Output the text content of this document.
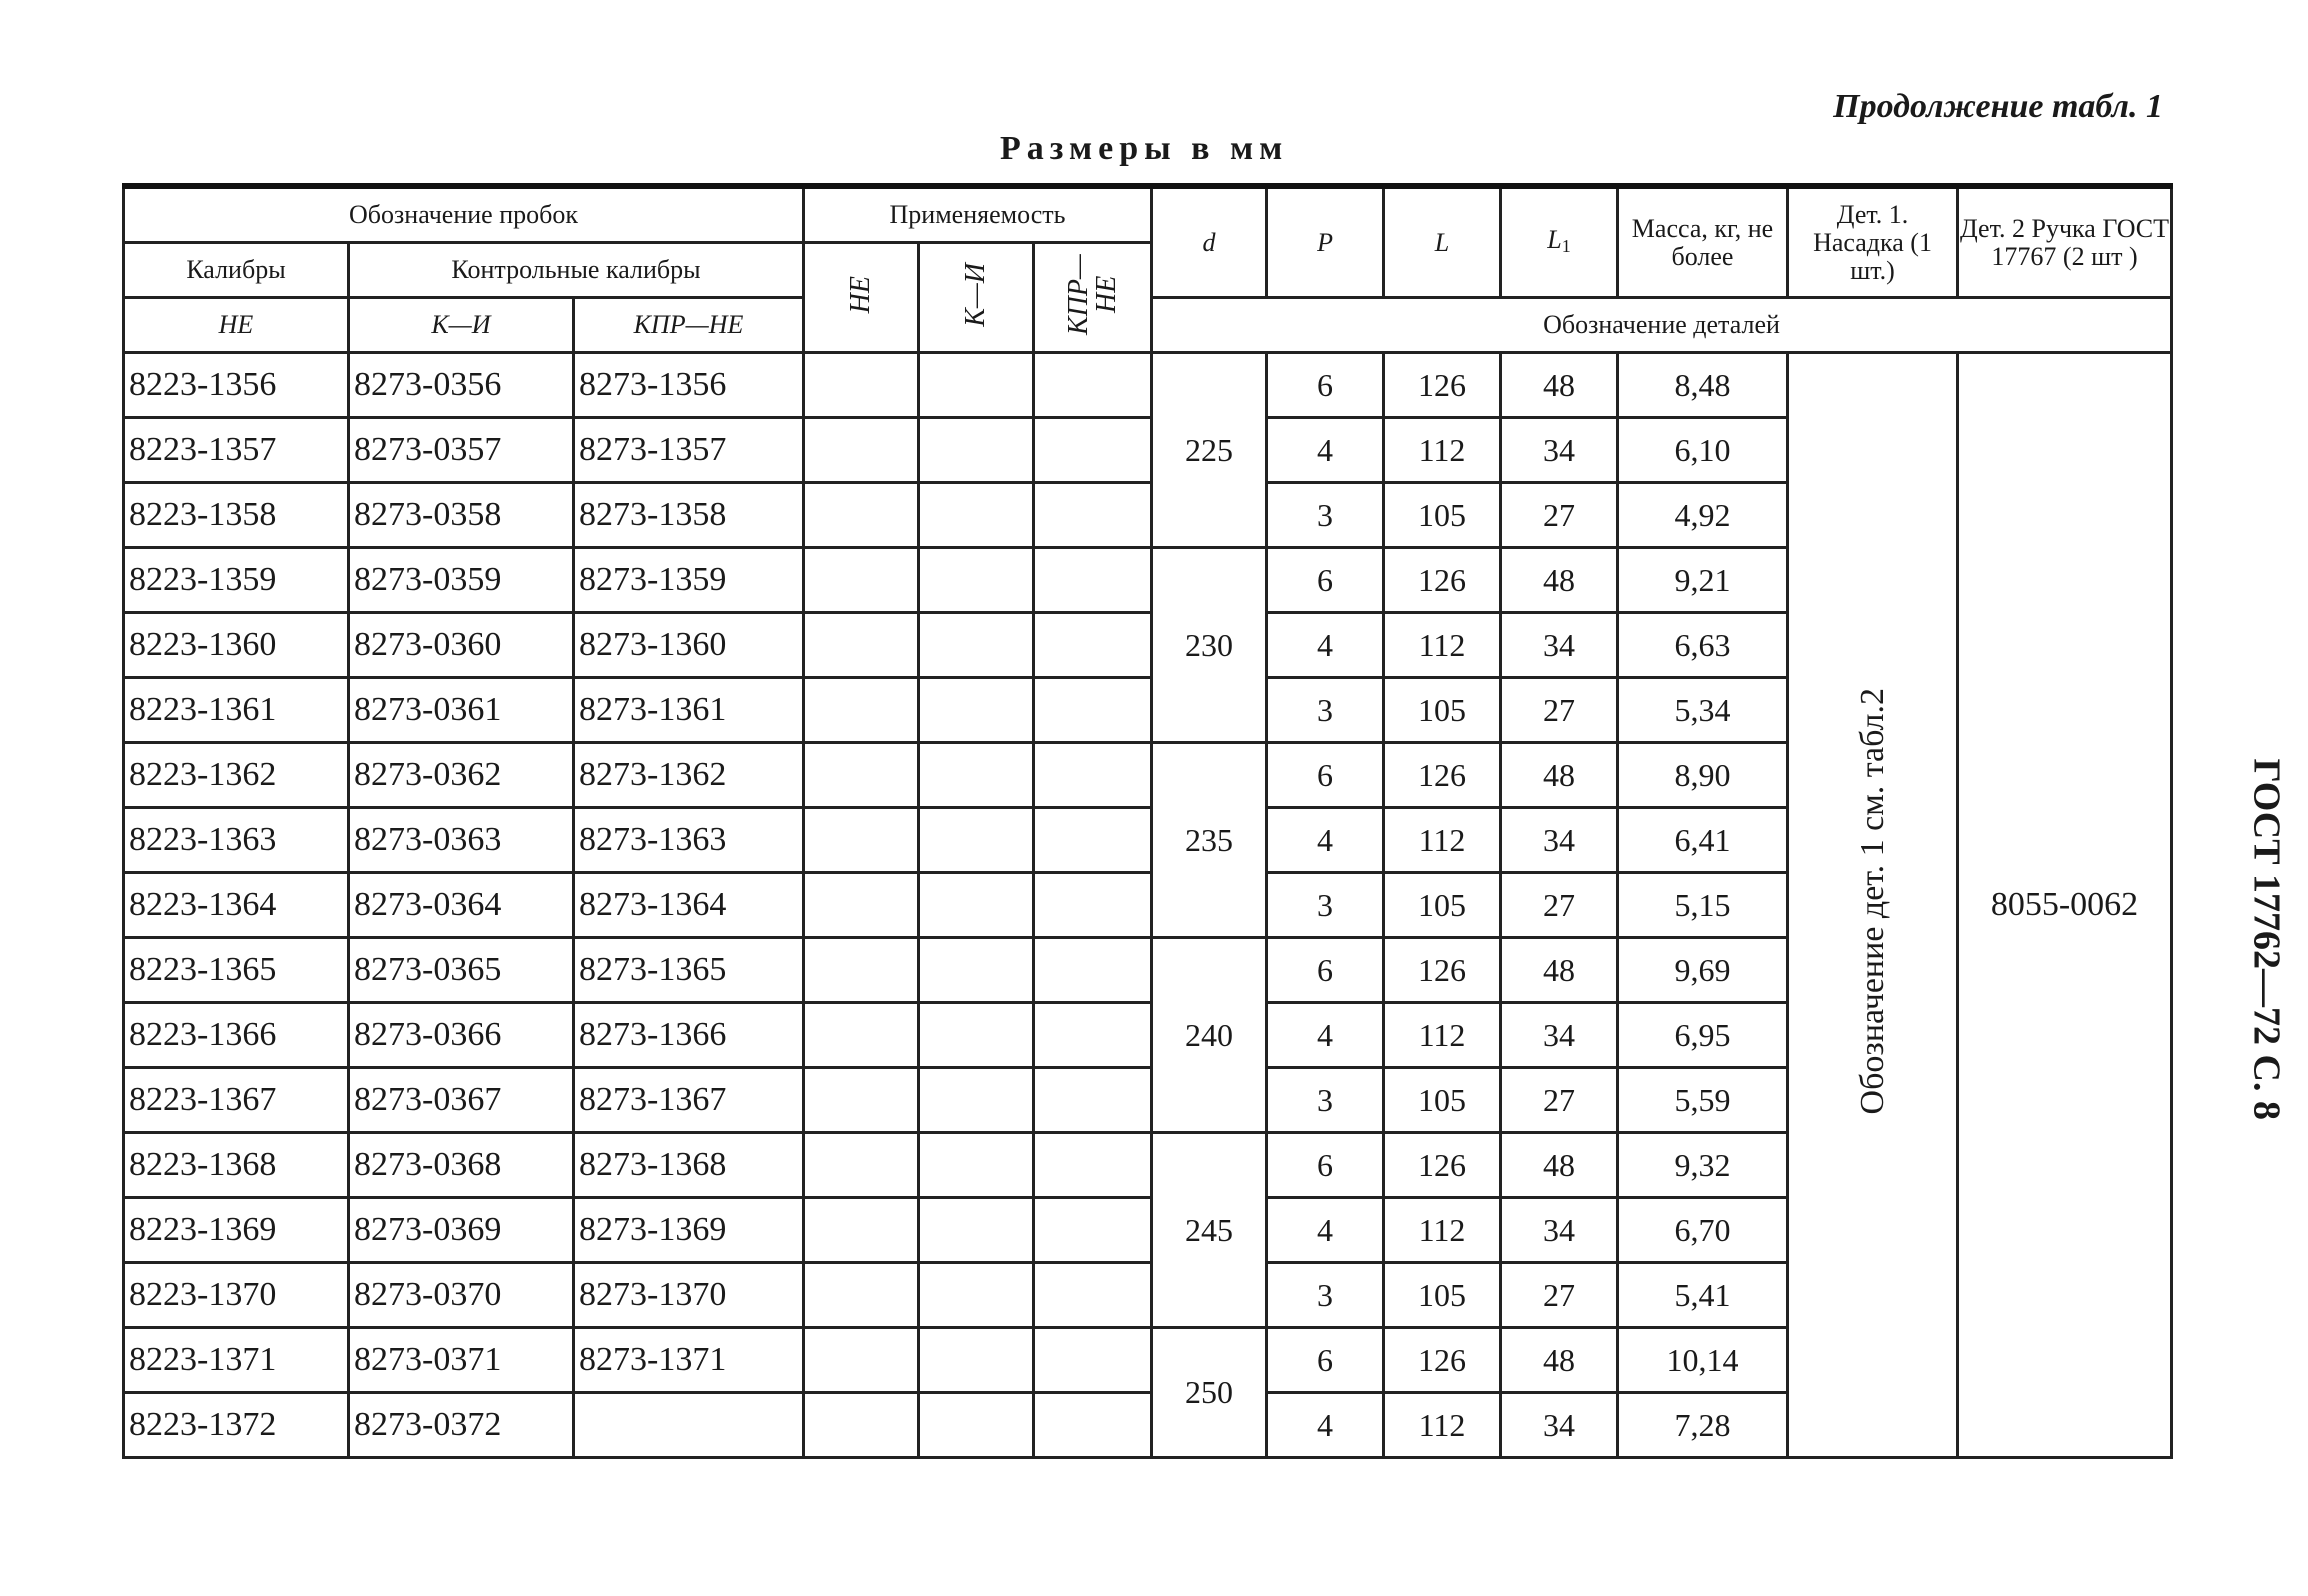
Продолжение табл. 1
Размеры в мм
ГОСТ 17762—72 С. 8
Обозначение пробок			Применяемость			d	P	L	$L_1$	Масса, кг, не более	Дет. 1. Насадка (1 шт.)	Дет. 2 Ручка ГОСТ 17767 (2 шт )
Калибры	Контрольные калибры		НЕ	К—И	КПР—НЕ							
НЕ	К—И	КПР—НЕ										
						Обозначение деталей						
8223-1356	8273-0356	8273-1356				225	6	126	48	8,48	Обозначение дет. 1 см. табл.2	8055-0062
8223-1357	8273-0357	8273-1357					4	112	34	6,10		
8223-1358	8273-0358	8273-1358					3	105	27	4,92		
8223-1359	8273-0359	8273-1359				230	6	126	48	9,21		
8223-1360	8273-0360	8273-1360					4	112	34	6,63		
8223-1361	8273-0361	8273-1361					3	105	27	5,34		
8223-1362	8273-0362	8273-1362				235	6	126	48	8,90		
8223-1363	8273-0363	8273-1363					4	112	34	6,41		
8223-1364	8273-0364	8273-1364					3	105	27	5,15		
8223-1365	8273-0365	8273-1365				240	6	126	48	9,69		
8223-1366	8273-0366	8273-1366					4	112	34	6,95		
8223-1367	8273-0367	8273-1367					3	105	27	5,59		
8223-1368	8273-0368	8273-1368				245	6	126	48	9,32		
8223-1369	8273-0369	8273-1369					4	112	34	6,70		
8223-1370	8273-0370	8273-1370					3	105	27	5,41		
8223-1371	8273-0371	8273-1371				250	6	126	48	10,14		
8223-1372	8273-0372						4	112	34	7,28		
